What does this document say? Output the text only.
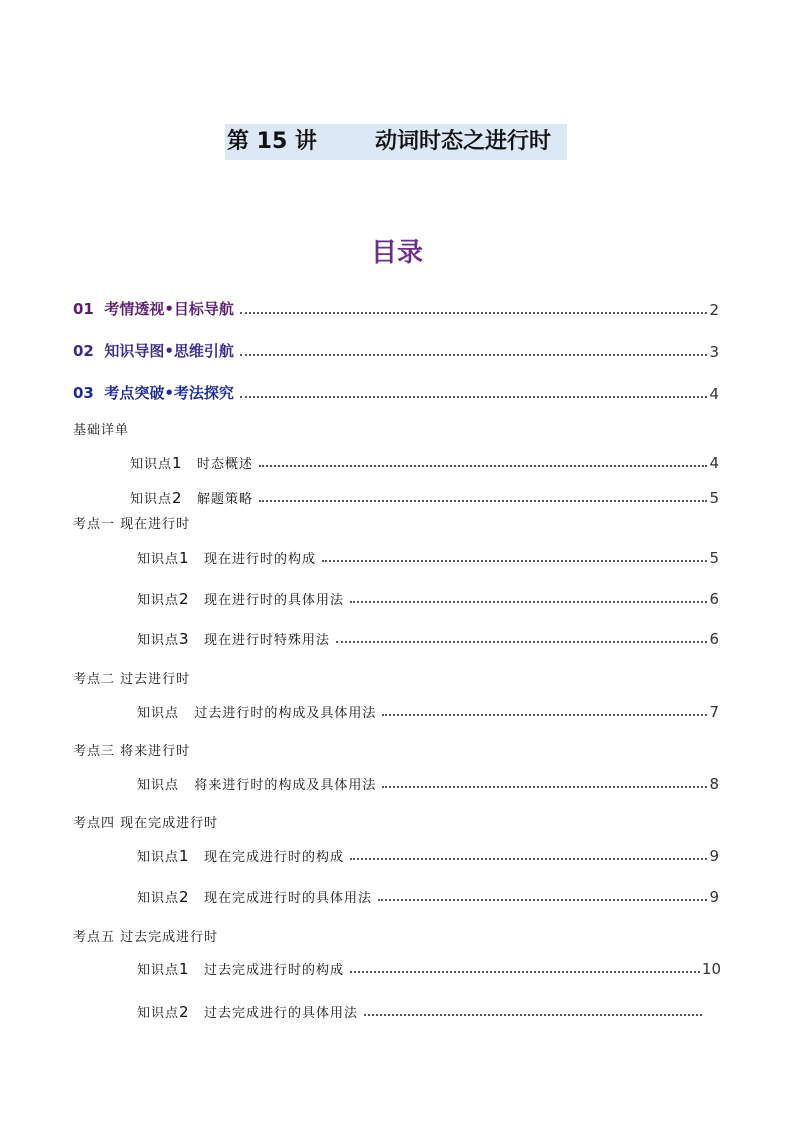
第 15 讲	动词时态之进行时
目录
01 考情透视•目标导航	2
02 知识导图•思维引航	3
03 考点突破•考法探究	4
基础详单
知识点1 时态概述	4
知识点2 解题策略	5
考点一 现在进行时
知识点1 现在进行时的构成	5
知识点2 现在进行时的具体用法	6
知识点3 现在进行时特殊用法	6
考点二 过去进行时
知识点 过去进行时的构成及具体用法	7
考点三 将来进行时
知识点 将来进行时的构成及具体用法	8
考点四 现在完成进行时
知识点1 现在完成进行时的构成	9
知识点2 现在完成进行时的具体用法	9
考点五 过去完成进行时
知识点1 过去完成进行时的构成	10
知识点2 过去完成进行的具体用法
